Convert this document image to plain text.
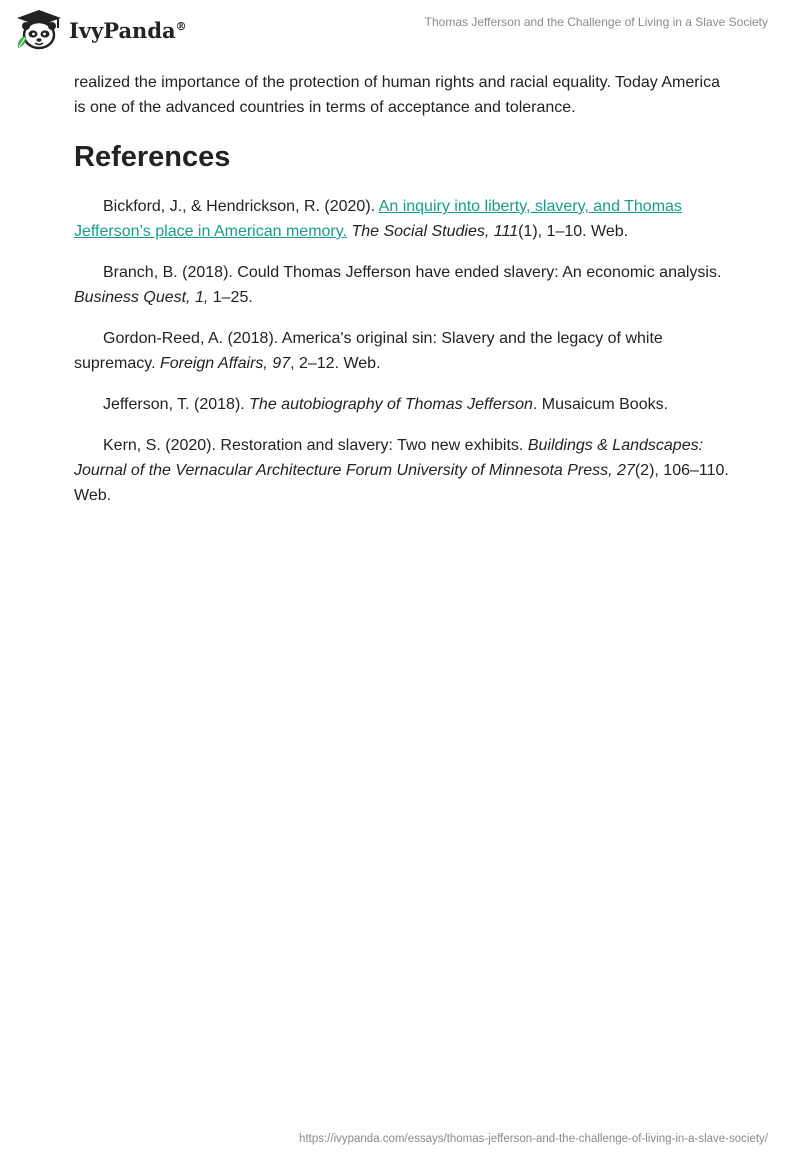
IvyPanda®	Thomas Jefferson and the Challenge of Living in a Slave Society

realized the importance of the protection of human rights and racial equality. Today America is one of the advanced countries in terms of acceptance and tolerance.

References

Bickford, J., & Hendrickson, R. (2020). An inquiry into liberty, slavery, and Thomas Jefferson’s place in American memory. The Social Studies, 111(1), 1–10. Web.

Branch, B. (2018). Could Thomas Jefferson have ended slavery: An economic analysis. Business Quest, 1, 1–25.

Gordon-Reed, A. (2018). America's original sin: Slavery and the legacy of white supremacy. Foreign Affairs, 97, 2–12. Web.

Jefferson, T. (2018). The autobiography of Thomas Jefferson. Musaicum Books.

Kern, S. (2020). Restoration and slavery: Two new exhibits. Buildings & Landscapes: Journal of the Vernacular Architecture Forum University of Minnesota Press, 27(2), 106–110. Web.

https://ivypanda.com/essays/thomas-jefferson-and-the-challenge-of-living-in-a-slave-society/
